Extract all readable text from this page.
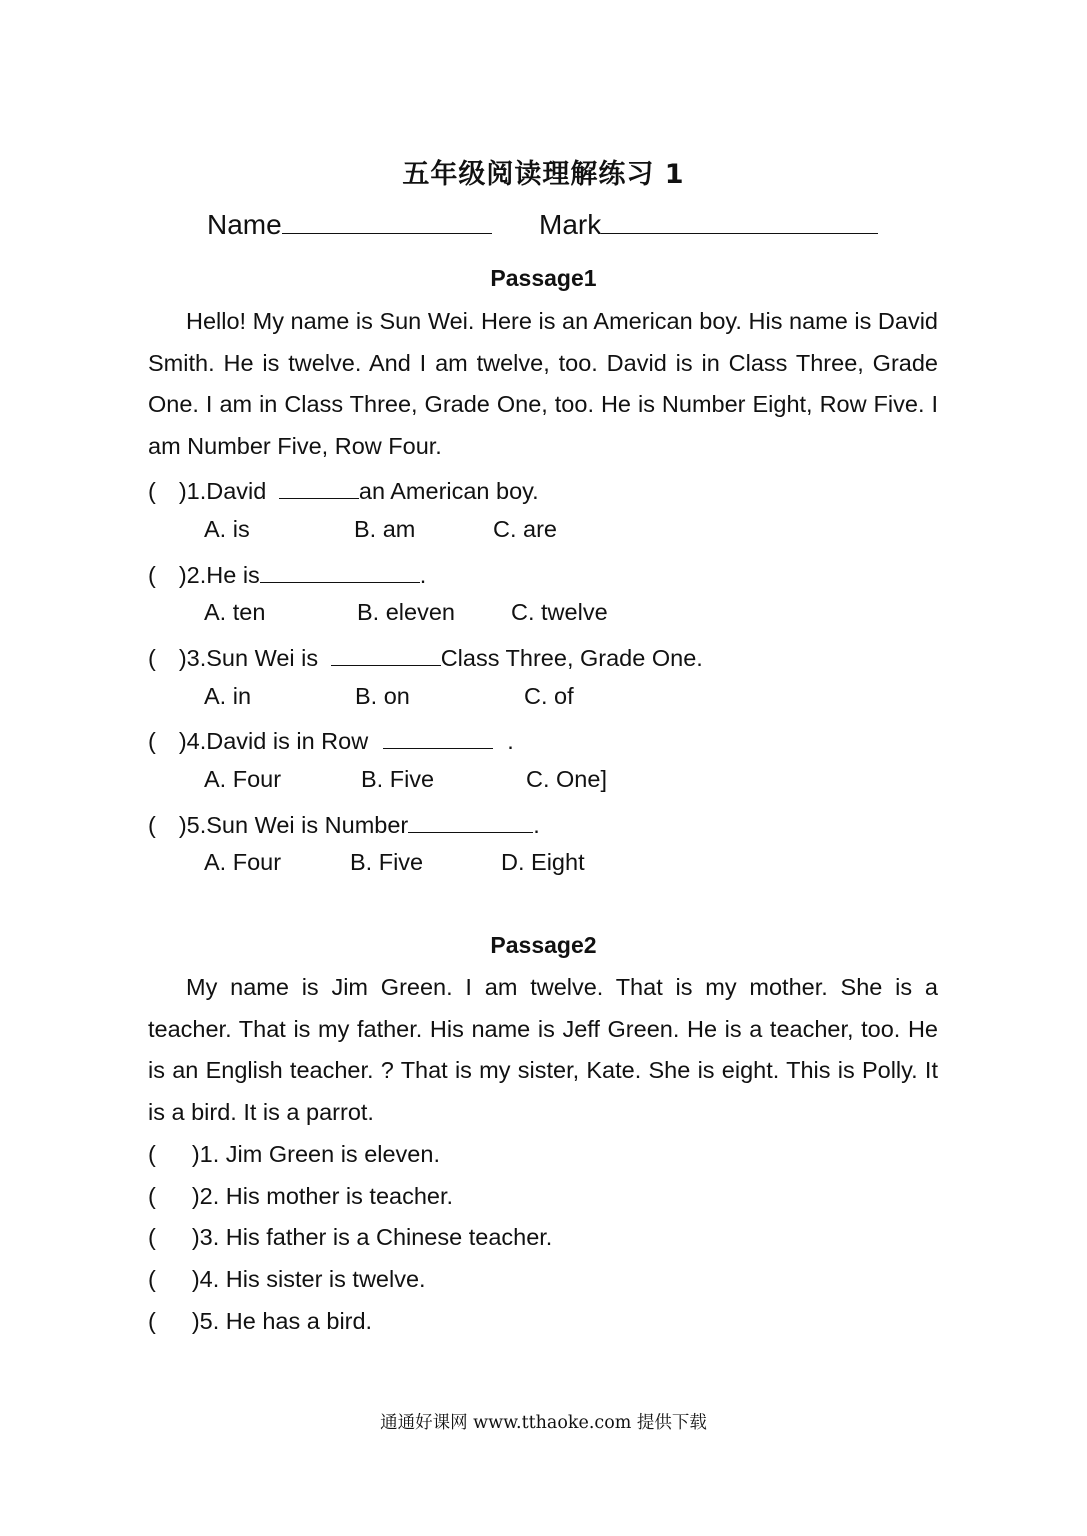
五年级阅读理解练习 1
Name	Mark
Passage1
Hello! My name is Sun Wei. Here is an American boy. His name is David Smith. He is twelve. And I am twelve, too. David is in Class Three, Grade One. I am in Class Three, Grade One, too. He is Number Eight, Row Five. I am Number Five, Row Four.
( )1.David	an American boy.
A. is	B. am	C. are
( )2.He is	.
A. ten	B. eleven C. twelve
( )3.Sun Wei is	Class Three, Grade One.
A. in	B. on	C. of
( )4.David is in Row	.
A. Four	B. Five	C. One]
( )5.Sun Wei is Number	.
A. Four	B. Five	D. Eight
Passage2
My name is Jim Green. I am twelve. That is my mother. She is a teacher. That is my father. His name is Jeff Green. He is a teacher, too. He is an English teacher. ? That is my sister, Kate. She is eight. This is Polly. It is a bird. It is a parrot.
( )1. Jim Green is eleven.
( )2. His mother is teacher.
( )3. His father is a Chinese teacher.
( )4. His sister is twelve.
( )5. He has a bird.
通通好课网 www.tthaoke.com 提供下载
